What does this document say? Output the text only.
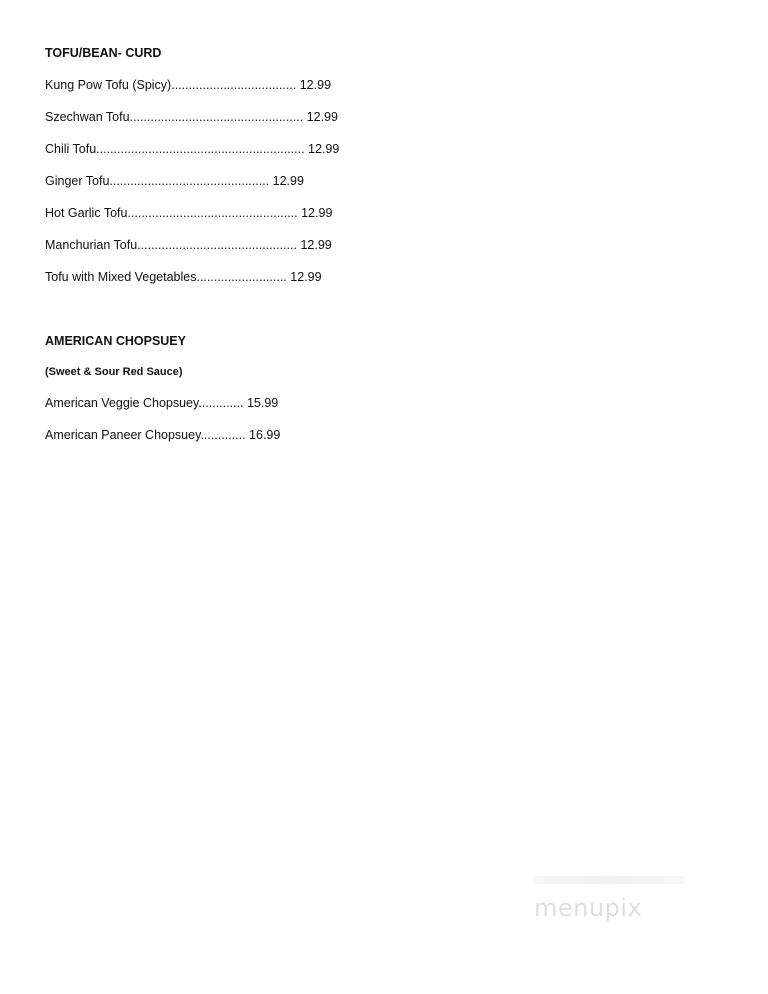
TOFU/BEAN- CURD
Kung Pow Tofu (Spicy).................................... 12.99
Szechwan Tofu.................................................. 12.99
Chili Tofu............................................................ 12.99
Ginger Tofu.............................................. 12.99
Hot Garlic Tofu................................................. 12.99
Manchurian Tofu.............................................. 12.99
Tofu with Mixed Vegetables.......................... 12.99
AMERICAN CHOPSUEY
(Sweet & Sour Red Sauce)
American Veggie Chopsuey............. 15.99
American Paneer Chopsuey............. 16.99
menupix
